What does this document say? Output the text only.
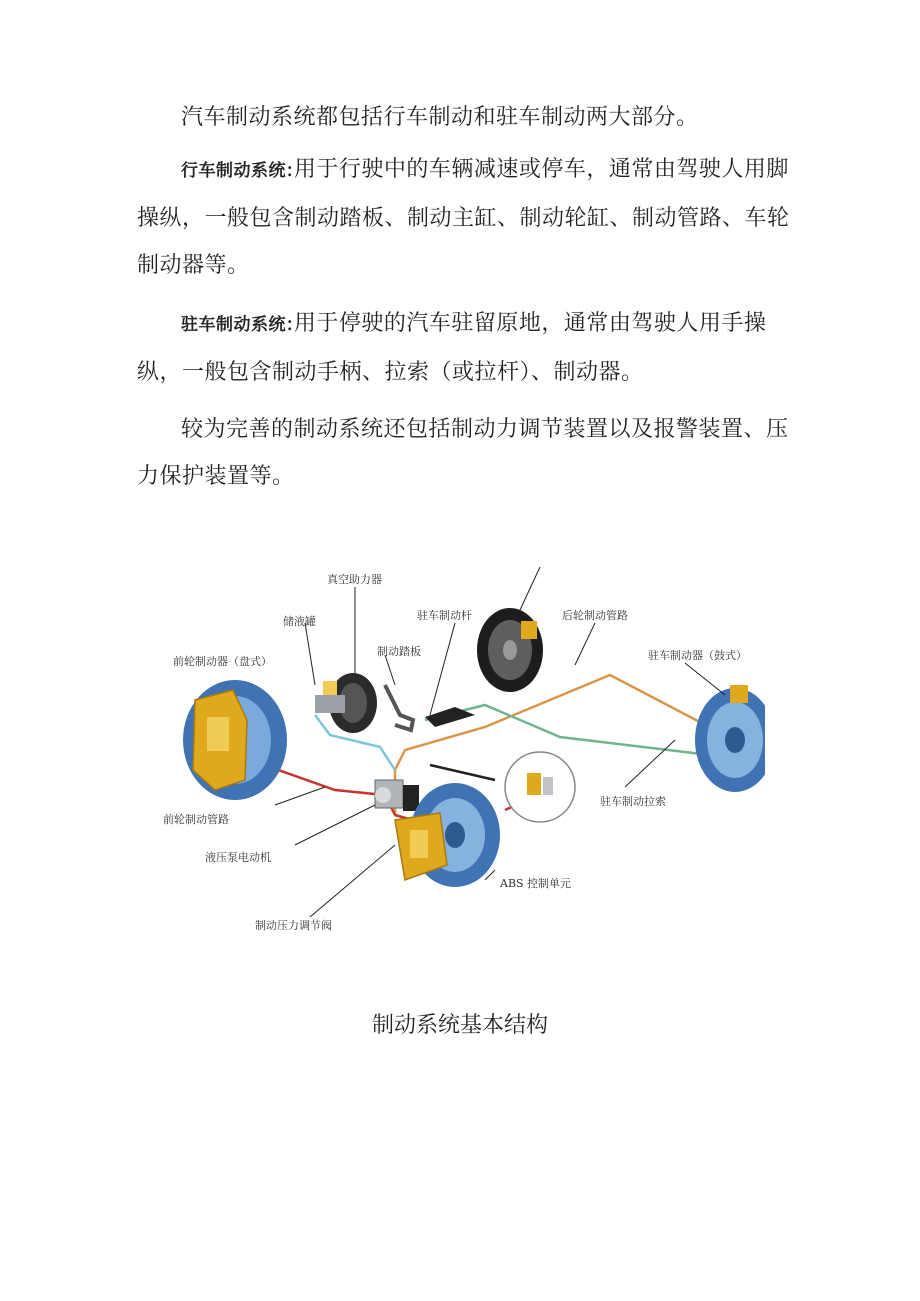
汽车制动系统都包括行车制动和驻车制动两大部分。

行车制动系统:用于行驶中的车辆减速或停车，通常由驾驶人用脚操纵，一般包含制动踏板、制动主缸、制动轮缸、制动管路、车轮制动器等。

驻车制动系统:用于停驶的汽车驻留原地，通常由驾驶人用手操纵，一般包含制动手柄、拉索（或拉杆）、制动器。

较为完善的制动系统还包括制动力调节装置以及报警装置、压力保护装置等。

真空助力器
储液罐	驻车制动杆	后轮制动管路
前轮制动器（盘式）
制动踏板	驻车制动器（鼓式）
前轮制动管路
驻车制动拉索
液压泵电动机
ABS 控制单元
制动压力调节阀
制动系统基本结构
